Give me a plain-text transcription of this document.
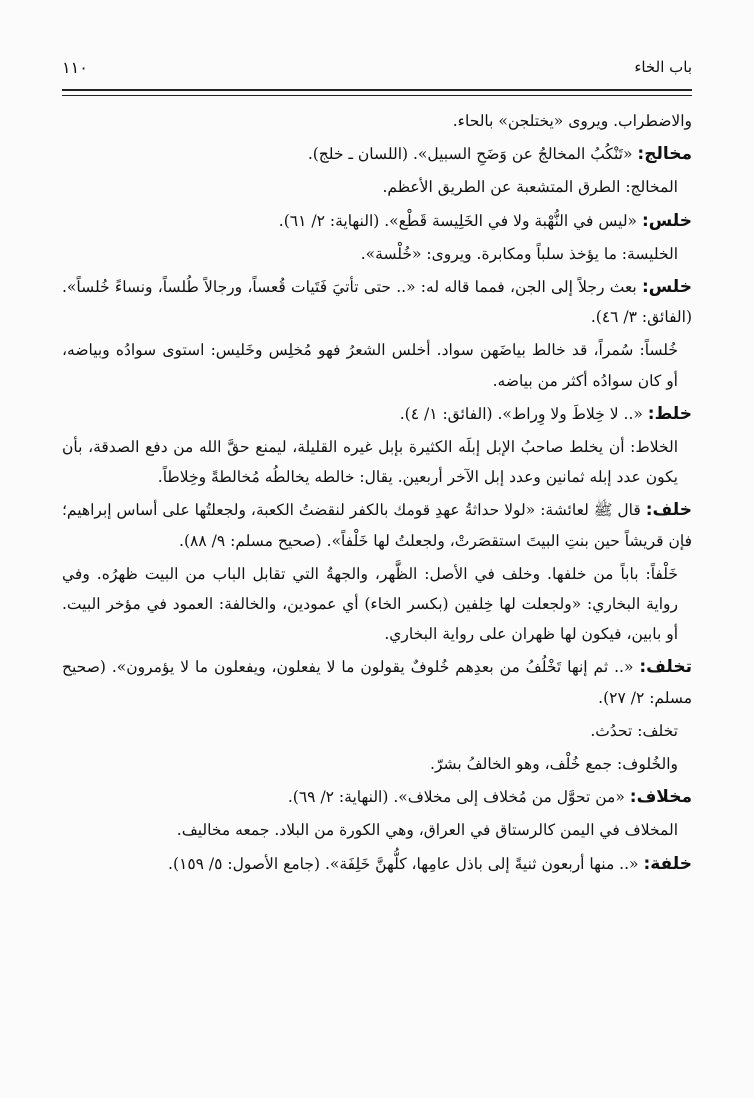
باب الخاء
١١٠

والاضطراب. ويروى «يختلجن» بالحاء.

مخالج: «تَنْكُبُ المخالجُ عن وَضَحِ السبيل». (اللسان ـ خلج).

المخالج: الطرق المتشعبة عن الطريق الأعظم.

خلس: «ليس في النُّهْبة ولا في الخَلِيسة قَطْع». (النهاية: ٢/ ٦١).

الخليسة: ما يؤخذ سلباً ومكابرة. ويروى: «خُلْسة».

خلس: بعث رجلاً إلى الجن، فمما قاله له: «.. حتى تأتيَ فَتَيات قُعساً، ورجالاً طُلساً، ونساءً خُلساً». (الفائق: ٣/ ٤٦).

خُلساً: سُمراً، قد خالط بياضَهن سواد. أخلس الشعرُ فهو مُخلِس وخَليس: استوى سوادُه وبياضه، أو كان سوادُه أكثر من بياضه.

خلط: «.. لا خِلاطَ ولا وِراط». (الفائق: ١/ ٤).

الخلاط: أن يخلط صاحبُ الإبل إبلَه الكثيرة بإبل غيره القليلة، ليمنع حقَّ الله من دفع الصدقة، بأن يكون عدد إبله ثمانين وعدد إبل الآخر أربعين. يقال: خالطه يخالطُه مُخالطةً وخِلاطاً.

خلف: قال ﷺ لعائشة: «لولا حداثةُ عهدِ قومك بالكفر لنقضتُ الكعبة، ولجعلتُها على أساس إبراهيم؛ فإن قريشاً حين بنتِ البيتَ استقصَرتْ، ولجعلتُ لها خَلْفاً». (صحيح مسلم: ٩/ ٨٨).

خَلْفاً: باباً من خلفها. وخلف في الأصل: الظَّهر، والجهةُ التي تقابل الباب من البيت ظهرُه. وفي رواية البخاري: «ولجعلت لها خِلفين (بكسر الخاء) أي عمودين، والخالفة: العمود في مؤخر البيت. أو بابين، فيكون لها ظهران على رواية البخاري.

تخلف: «.. ثم إنها تَخْلُفُ من بعدِهم خُلوفٌ يقولون ما لا يفعلون، ويفعلون ما لا يؤمرون». (صحيح مسلم: ٢/ ٢٧).

تخلف: تحدُث.

والخُلوف: جمع خُلْف، وهو الخالفُ بشرّ.

مخلاف: «من تحوَّل من مُخلاف إلى مخلاف». (النهاية: ٢/ ٦٩).

المخلاف في اليمن كالرستاق في العراق، وهي الكورة من البلاد. جمعه مخاليف.

خلفة: «.. منها أربعون ثنيةً إلى باذل عامِها، كلُّهنَّ خَلِفَة». (جامع الأصول: ٥/ ١٥٩).
